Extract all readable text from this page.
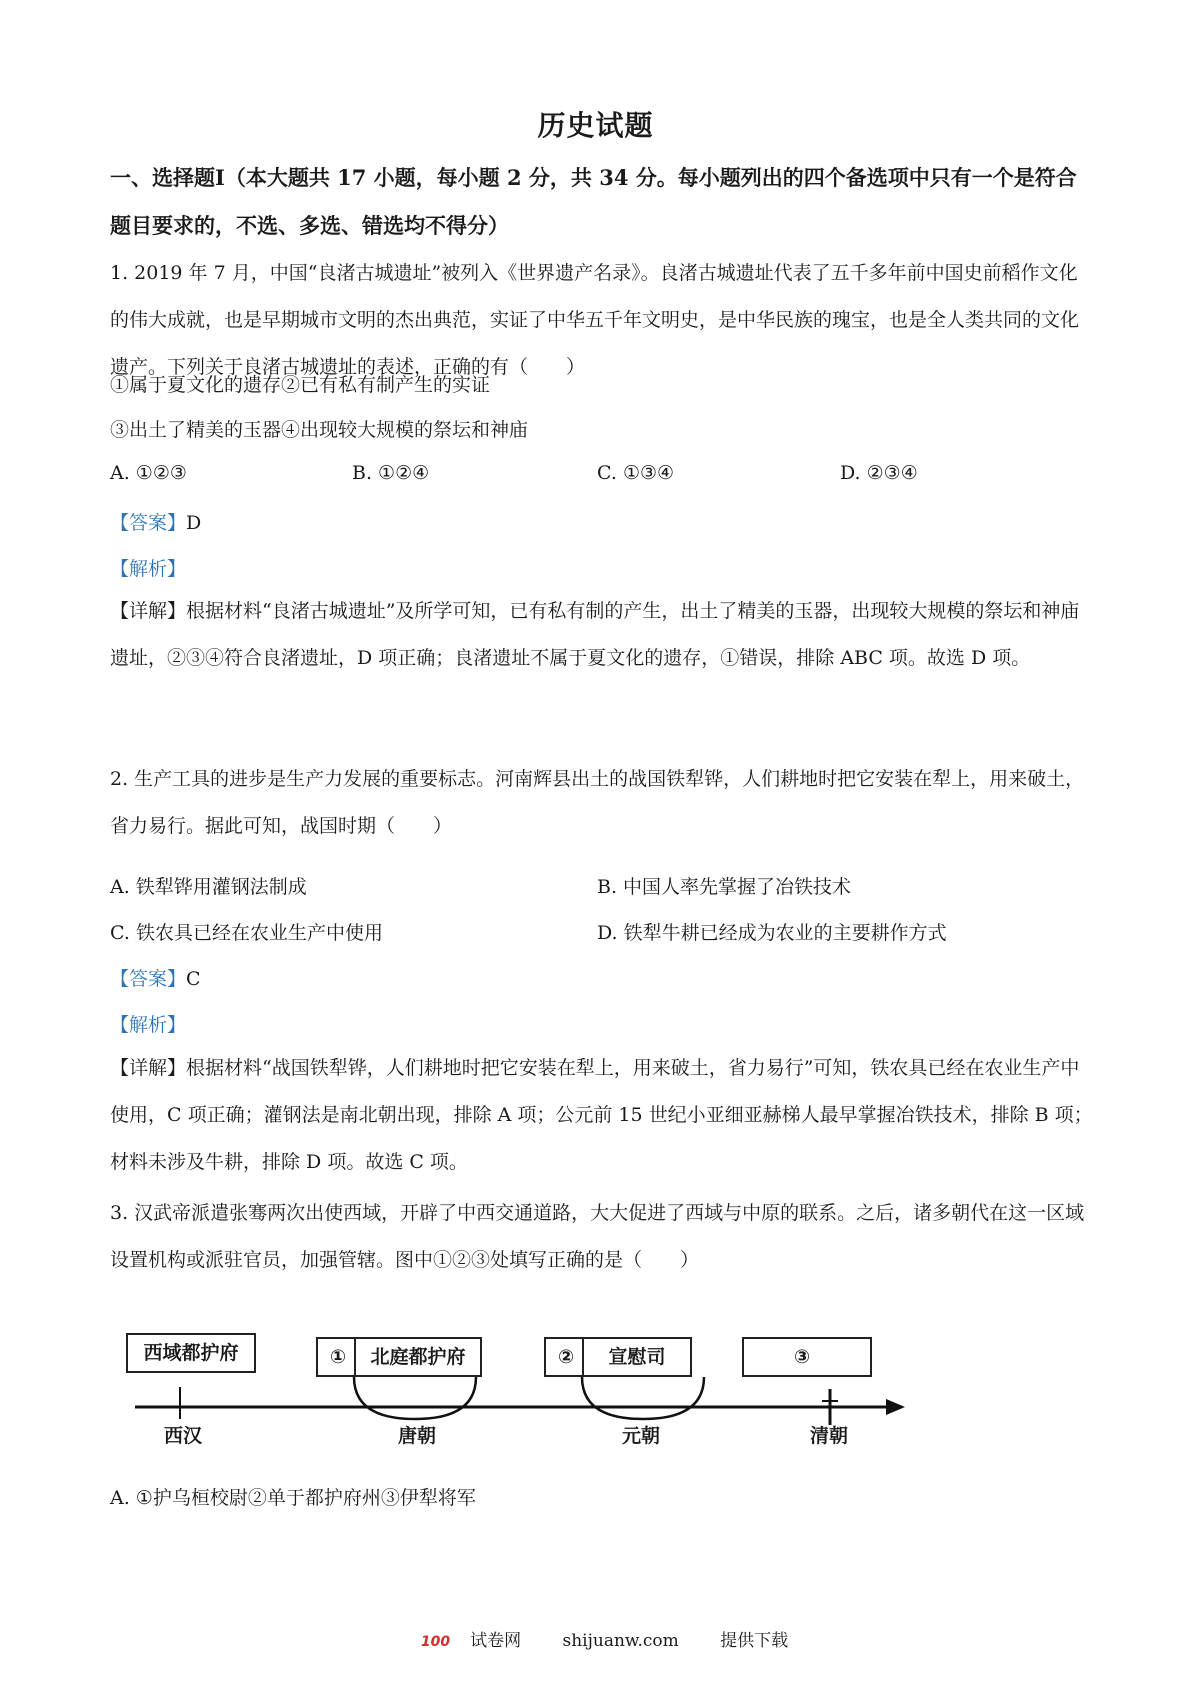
历史试题
一、选择题Ⅰ（本大题共 17 小题，每小题 2 分，共 34 分。每小题列出的四个备选项中只有一个是符合题目要求的，不选、多选、错选均不得分）
1. 2019 年 7 月，中国“良渚古城遗址”被列入《世界遗产名录》。良渚古城遗址代表了五千多年前中国史前稻作文化的伟大成就，也是早期城市文明的杰出典范，实证了中华五千年文明史，是中华民族的瑰宝，也是全人类共同的文化遗产。下列关于良渚古城遗址的表述，正确的有（　　）
①属于夏文化的遗存②已有私有制产生的实证
③出土了精美的玉器④出现较大规模的祭坛和神庙
A. ①②③	B. ①②④	C. ①③④	D. ②③④
【答案】D
【解析】
【详解】根据材料“良渚古城遗址”及所学可知，已有私有制的产生，出土了精美的玉器，出现较大规模的祭坛和神庙遗址，②③④符合良渚遗址，D 项正确；良渚遗址不属于夏文化的遗存，①错误，排除 ABC 项。故选 D 项。
2. 生产工具的进步是生产力发展的重要标志。河南辉县出土的战国铁犁铧，人们耕地时把它安装在犁上，用来破土，省力易行。据此可知，战国时期（　　）
A. 铁犁铧用灌钢法制成	B. 中国人率先掌握了冶铁技术
C. 铁农具已经在农业生产中使用	D. 铁犁牛耕已经成为农业的主要耕作方式
【答案】C
【解析】
【详解】根据材料“战国铁犁铧，人们耕地时把它安装在犁上，用来破土，省力易行”可知，铁农具已经在农业生产中使用，C 项正确；灌钢法是南北朝出现，排除 A 项；公元前 15 世纪小亚细亚赫梯人最早掌握冶铁技术，排除 B 项；材料未涉及牛耕，排除 D 项。故选 C 项。
3. 汉武帝派遣张骞两次出使西域，开辟了中西交通道路，大大促进了西域与中原的联系。之后，诸多朝代在这一区域设置机构或派驻官员，加强管辖。图中①②③处填写正确的是（　　）
西域都护府	①	北庭都护府	②	宣慰司	③
西汉	唐朝	元朝	清朝
A. ①护乌桓校尉②单于都护府州③伊犁将军
100 试卷网 shijuanw.com 提供下载
